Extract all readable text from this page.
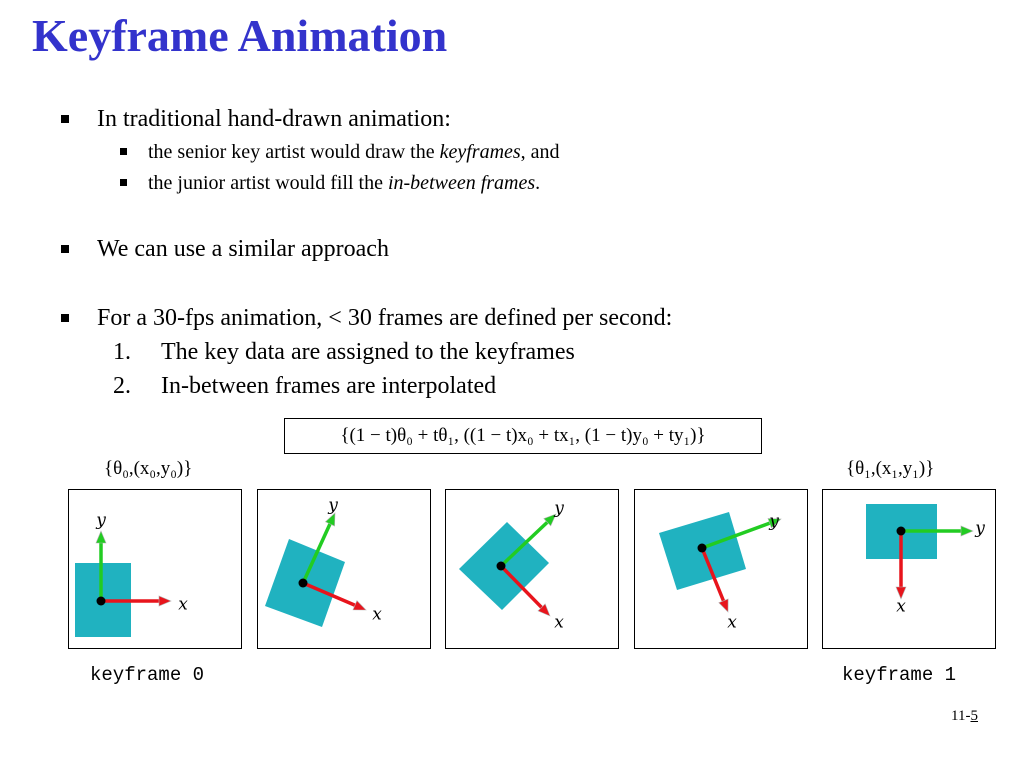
Keyframe Animation
In traditional hand-drawn animation:
the senior key artist would draw the keyframes, and
the junior artist would fill the in-between frames.
We can use a similar approach
For a 30-fps animation, < 30 frames are defined per second:
1. The key data are assigned to the keyframes
2. In-between frames are interpolated
{(1 − t)θ₀ + tθ₁, ((1 − t)x₀ + tx₁, (1 − t)y₀ + ty₁)}
{θ₀,(x₀,y₀)}	{θ₁,(x₁,y₁)}
x
y
x
y
x
y
x
y
x
y
keyframe 0	keyframe 1
11-5
